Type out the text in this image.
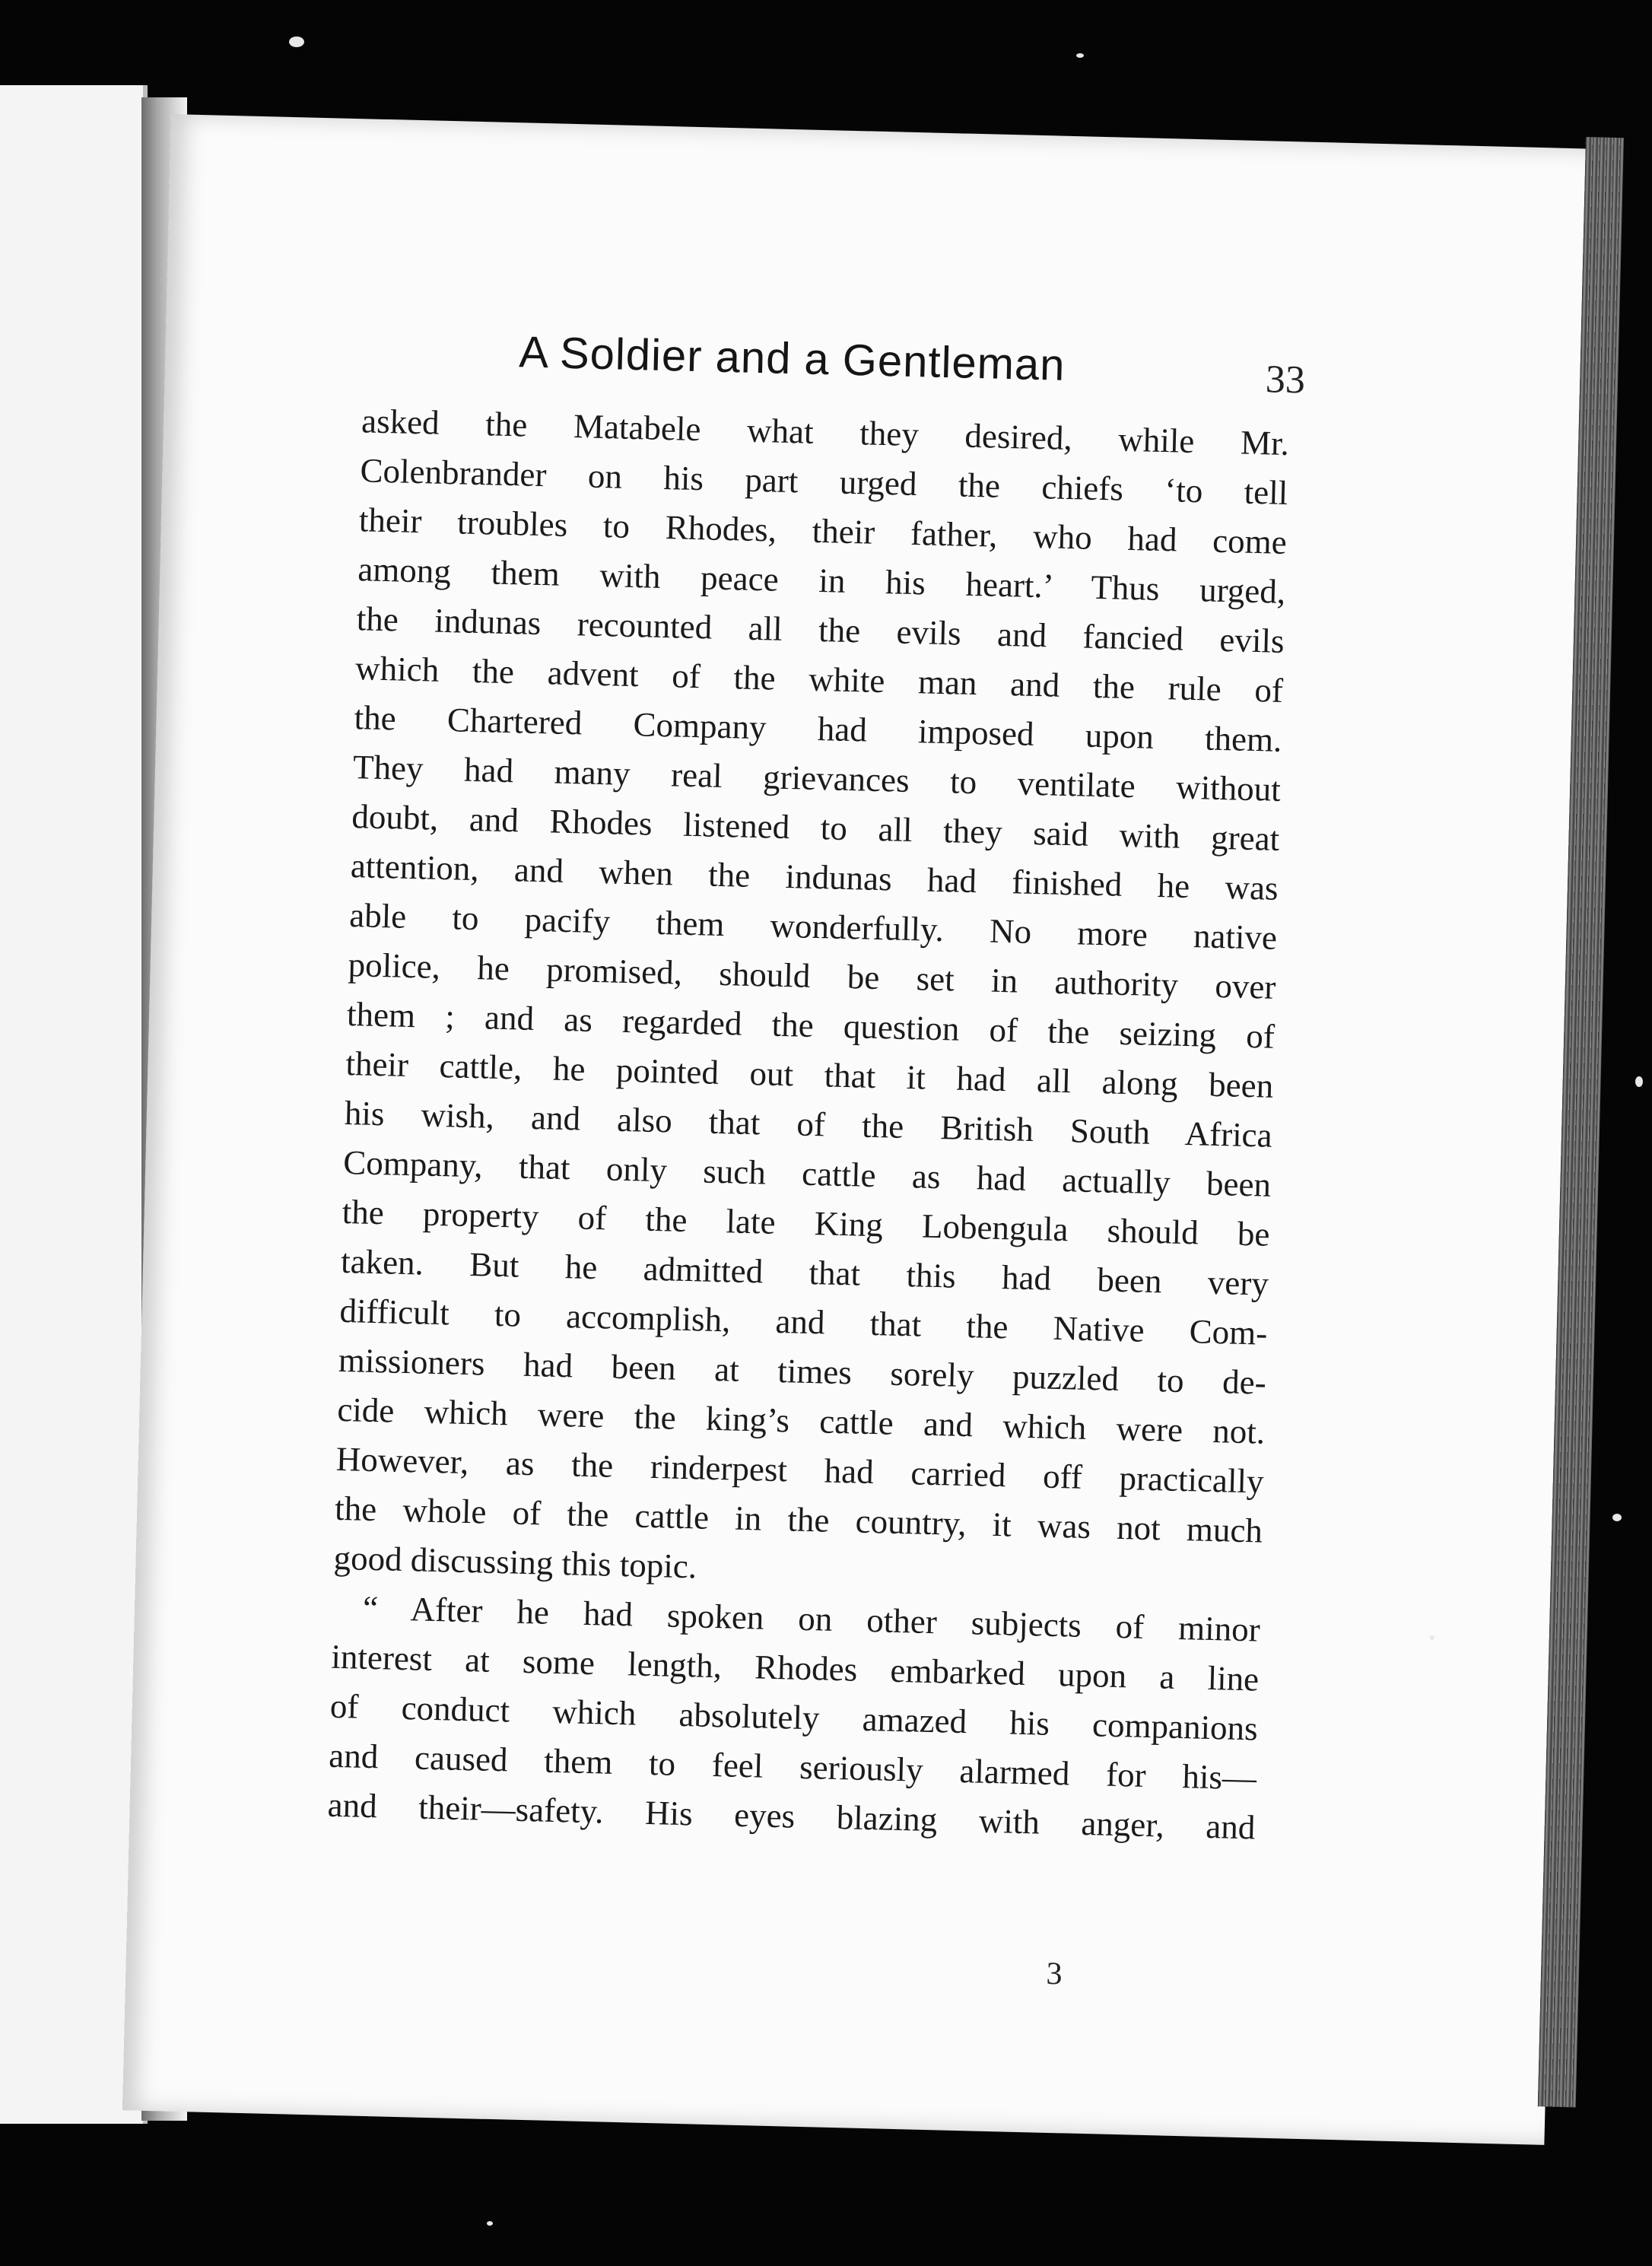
A Soldier and a Gentleman	33
asked the Matabele what they desired, while Mr.
Colenbrander on his part urged the chiefs ‘to tell
their troubles to Rhodes, their father, who had come
among them with peace in his heart.’ Thus urged,
the indunas recounted all the evils and fancied evils
which the advent of the white man and the rule of
the Chartered Company had imposed upon them.
They had many real grievances to ventilate without
doubt, and Rhodes listened to all they said with great
attention, and when the indunas had finished he was
able to pacify them wonderfully. No more native
police, he promised, should be set in authority over
them ; and as regarded the question of the seizing of
their cattle, he pointed out that it had all along been
his wish, and also that of the British South Africa
Company, that only such cattle as had actually been
the property of the late King Lobengula should be
taken. But he admitted that this had been very
difficult to accomplish, and that the Native Com-
missioners had been at times sorely puzzled to de-
cide which were the king’s cattle and which were not.
However, as the rinderpest had carried off practically
the whole of the cattle in the country, it was not much
good discussing this topic.
“ After he had spoken on other subjects of minor
interest at some length, Rhodes embarked upon a line
of conduct which absolutely amazed his companions
and caused them to feel seriously alarmed for his—
and their—safety. His eyes blazing with anger, and
3
